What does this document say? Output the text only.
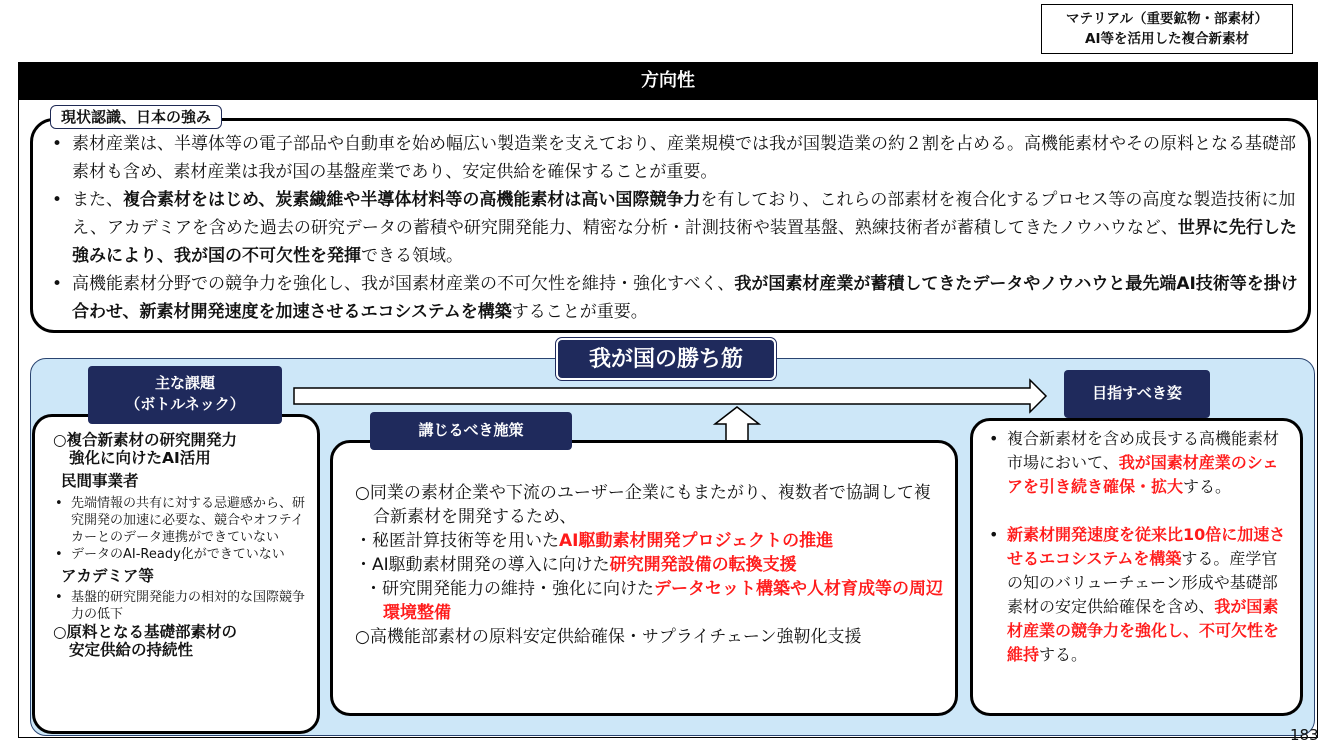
マテリアル（重要鉱物・部素材）
AI等を活用した複合新素材
方向性
現状認識、日本の強み

• 素材産業は、半導体等の電子部品や自動車を始め幅広い製造業を支えており、産業規模では我が国製造業の約２割を占める。高機能素材やその原料となる基礎部素材も含め、素材産業は我が国の基盤産業であり、安定供給を確保することが重要。

• また、複合素材をはじめ、炭素繊維や半導体材料等の高機能素材は高い国際競争力を有しており、これらの部素材を複合化するプロセス等の高度な製造技術に加え、アカデミアを含めた過去の研究データの蓄積や研究開発能力、精密な分析・計測技術や装置基盤、熟練技術者が蓄積してきたノウハウなど、世界に先行した強みにより、我が国の不可欠性を発揮できる領域。

• 高機能素材分野での競争力を強化し、我が国素材産業の不可欠性を維持・強化すべく、我が国素材産業が蓄積してきたデータやノウハウと最先端AI技術等を掛け合わせ、新素材開発速度を加速させるエコシステムを構築することが重要。

我が国の勝ち筋
○複合新素材の研究開発力
強化に向けたAI活用
民間事業者
• 先端情報の共有に対する忌避感から、研究開発の加速に必要な、競合やオフテイカーとのデータ連携ができていない
• データのAI-Ready化ができていない
アカデミア等
• 基盤的研究開発能力の相対的な国際競争力の低下
○原料となる基礎部素材の
安定供給の持続性
○同業の素材企業や下流のユーザー企業にもまたがり、複数者で協調して複合新素材を開発するため、
・秘匿計算技術等を用いたAI駆動素材開発プロジェクトの推進
・AI駆動素材開発の導入に向けた研究開発設備の転換支援
・研究開発能力の維持・強化に向けたデータセット構築や人材育成等の周辺環境整備
○高機能部素材の原料安定供給確保・サプライチェーン強靭化支援
• 複合新素材を含め成長する高機能素材市場において、我が国素材産業のシェアを引き続き確保・拡大する。
• 新素材開発速度を従来比10倍に加速させるエコシステムを構築する。産学官の知のバリューチェーン形成や基礎部素材の安定供給確保を含め、我が国素材産業の競争力を強化し、不可欠性を維持する。
主な課題
（ボトルネック）
講じるべき施策
目指すべき姿
183
